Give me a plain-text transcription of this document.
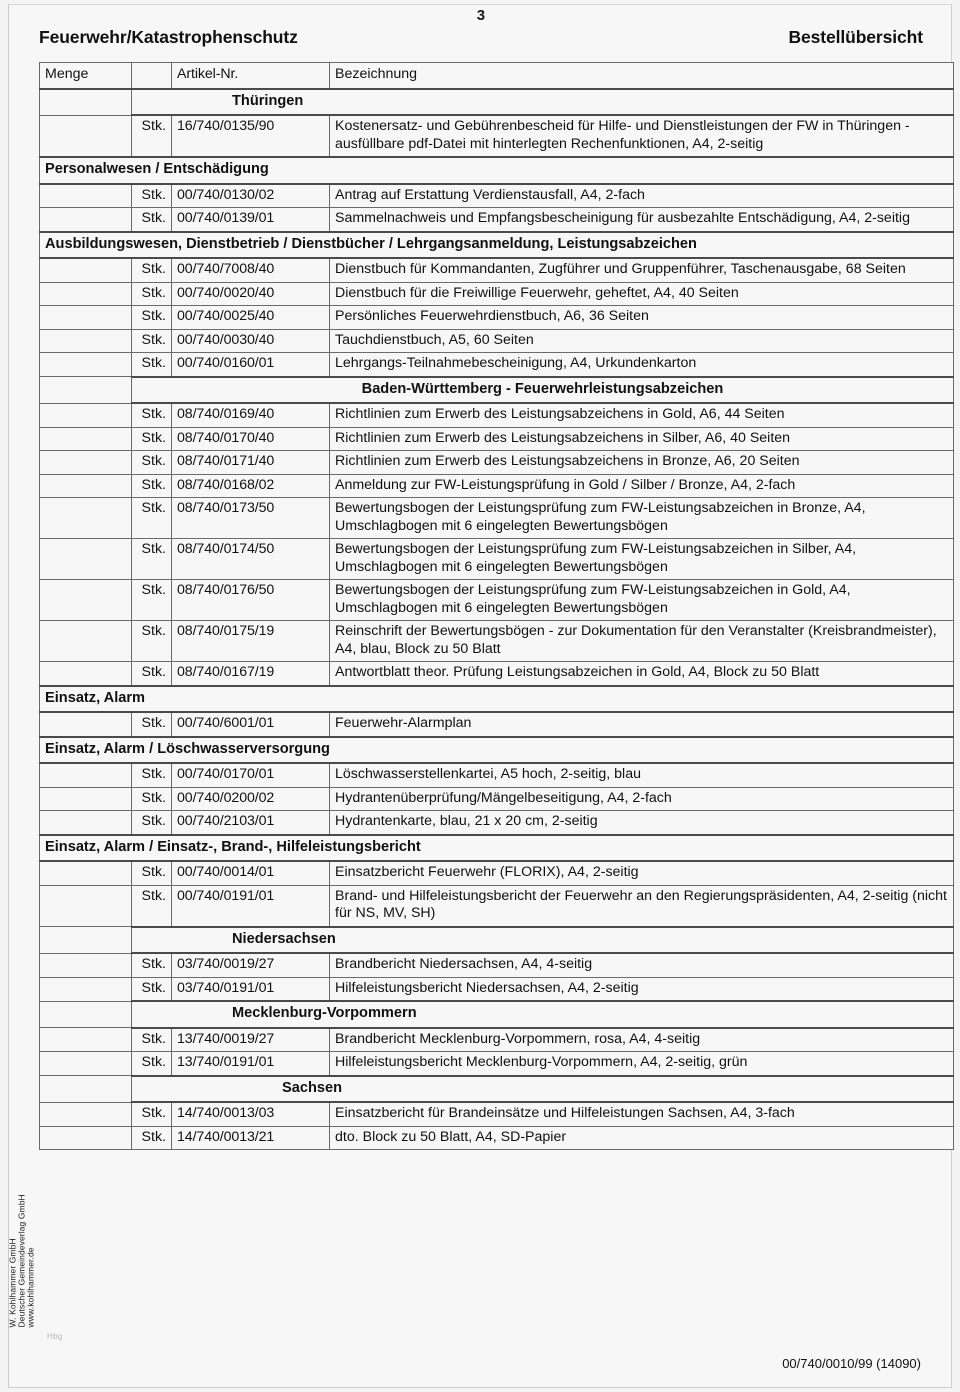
3
Feuerwehr/Katastrophenschutz	Bestellübersicht
Menge		Artikel-Nr.	Bezeichnung
	Thüringen		
	Stk.	16/740/0135/90	Kostenersatz- und Gebührenbescheid für Hilfe- und Dienstleistungen der FW in Thüringen - ausfüllbare pdf-Datei mit hinterlegten Rechenfunktionen, A4, 2-seitig
Personalwesen / Entschädigung			
	Stk.	00/740/0130/02	Antrag auf Erstattung Verdienstausfall, A4, 2-fach
	Stk.	00/740/0139/01	Sammelnachweis und Empfangsbescheinigung für ausbezahlte Entschädigung, A4, 2-seitig
Ausbildungswesen, Dienstbetrieb / Dienstbücher / Lehrgangsanmeldung, Leistungsabzeichen			
	Stk.	00/740/7008/40	Dienstbuch für Kommandanten, Zugführer und Gruppenführer, Taschenausgabe, 68 Seiten
	Stk.	00/740/0020/40	Dienstbuch für die Freiwillige Feuerwehr, geheftet, A4, 40 Seiten
	Stk.	00/740/0025/40	Persönliches Feuerwehrdienstbuch, A6, 36 Seiten
	Stk.	00/740/0030/40	Tauchdienstbuch, A5, 60 Seiten
	Stk.	00/740/0160/01	Lehrgangs-Teilnahmebescheinigung, A4, Urkundenkarton
	Baden-Württemberg - Feuerwehrleistungsabzeichen		
	Stk.	08/740/0169/40	Richtlinien zum Erwerb des Leistungsabzeichens in Gold, A6, 44 Seiten
	Stk.	08/740/0170/40	Richtlinien zum Erwerb des Leistungsabzeichens in Silber, A6, 40 Seiten
	Stk.	08/740/0171/40	Richtlinien zum Erwerb des Leistungsabzeichens in Bronze, A6, 20 Seiten
	Stk.	08/740/0168/02	Anmeldung zur FW-Leistungsprüfung in Gold / Silber / Bronze, A4, 2-fach
	Stk.	08/740/0173/50	Bewertungsbogen der Leistungsprüfung zum FW-Leistungsabzeichen in Bronze, A4, Umschlagbogen mit 6 eingelegten Bewertungsbögen
	Stk.	08/740/0174/50	Bewertungsbogen der Leistungsprüfung zum FW-Leistungsabzeichen in Silber, A4, Umschlagbogen mit 6 eingelegten Bewertungsbögen
	Stk.	08/740/0176/50	Bewertungsbogen der Leistungsprüfung zum FW-Leistungsabzeichen in Gold, A4, Umschlagbogen mit 6 eingelegten Bewertungsbögen
	Stk.	08/740/0175/19	Reinschrift der Bewertungsbögen - zur Dokumentation für den Veranstalter (Kreisbrandmeister), A4, blau, Block zu 50 Blatt
	Stk.	08/740/0167/19	Antwortblatt theor. Prüfung Leistungsabzeichen in Gold, A4, Block zu 50 Blatt
Einsatz, Alarm			
	Stk.	00/740/6001/01	Feuerwehr-Alarmplan
Einsatz, Alarm / Löschwasserversorgung			
	Stk.	00/740/0170/01	Löschwasserstellenkartei, A5 hoch, 2-seitig, blau
	Stk.	00/740/0200/02	Hydrantenüberprüfung/Mängelbeseitigung, A4, 2-fach
	Stk.	00/740/2103/01	Hydrantenkarte, blau, 21 x 20 cm, 2-seitig
Einsatz, Alarm / Einsatz-, Brand-, Hilfeleistungsbericht			
	Stk.	00/740/0014/01	Einsatzbericht Feuerwehr (FLORIX), A4, 2-seitig
	Stk.	00/740/0191/01	Brand- und Hilfeleistungsbericht der Feuerwehr an den Regierungspräsidenten, A4, 2-seitig (nicht für NS, MV, SH)
	Niedersachsen		
	Stk.	03/740/0019/27	Brandbericht Niedersachsen, A4, 4-seitig
	Stk.	03/740/0191/01	Hilfeleistungsbericht Niedersachsen, A4, 2-seitig
	Mecklenburg-Vorpommern		
	Stk.	13/740/0019/27	Brandbericht Mecklenburg-Vorpommern, rosa, A4, 4-seitig
	Stk.	13/740/0191/01	Hilfeleistungsbericht Mecklenburg-Vorpommern, A4, 2-seitig, grün
	Sachsen		
	Stk.	14/740/0013/03	Einsatzbericht für Brandeinsätze und Hilfeleistungen Sachsen, A4, 3-fach
	Stk.	14/740/0013/21	dto. Block zu 50 Blatt, A4, SD-Papier
W. Kohlhammer GmbH Deutscher Gemeindeverlag GmbH www.kohlhammer.de
Hbg
00/740/0010/99 (14090)
